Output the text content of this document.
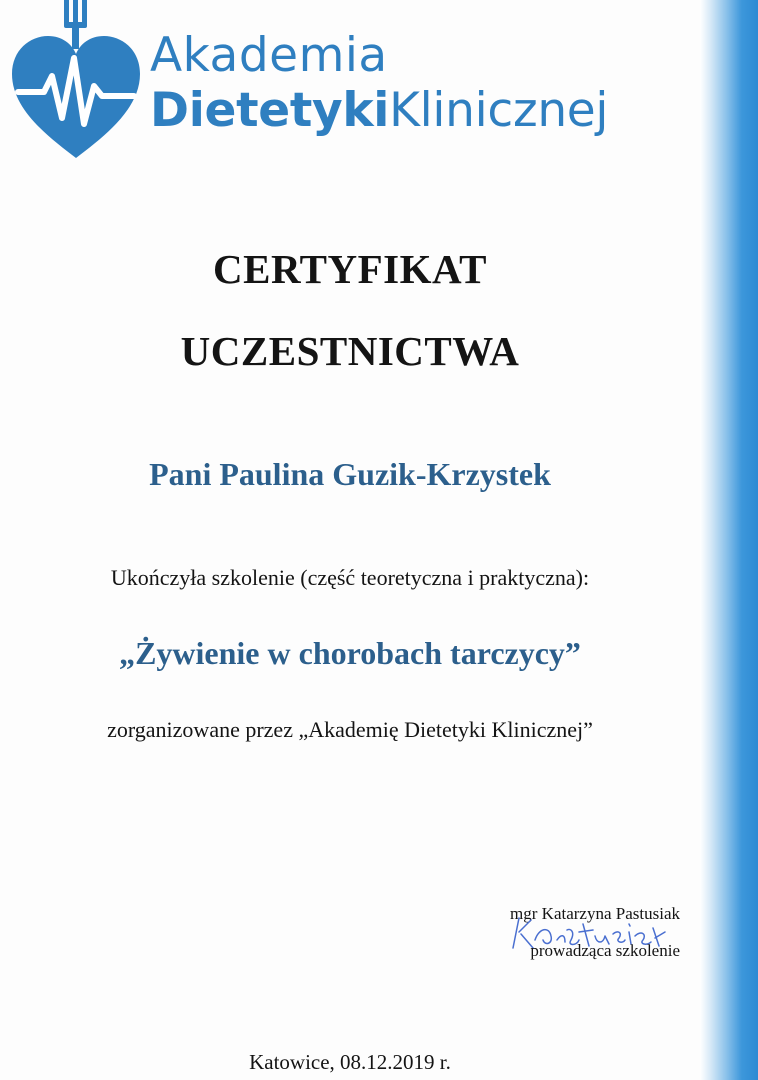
Akademia
DietetykiKlinicznej
CERTYFIKAT
UCZESTNICTWA
Pani Paulina Guzik-Krzystek
Ukończyła szkolenie (część teoretyczna i praktyczna):
„Żywienie w chorobach tarczycy”
zorganizowane przez „Akademię Dietetyki Klinicznej”
mgr Katarzyna Pastusiak
prowadząca szkolenie
Katowice, 08.12.2019 r.
